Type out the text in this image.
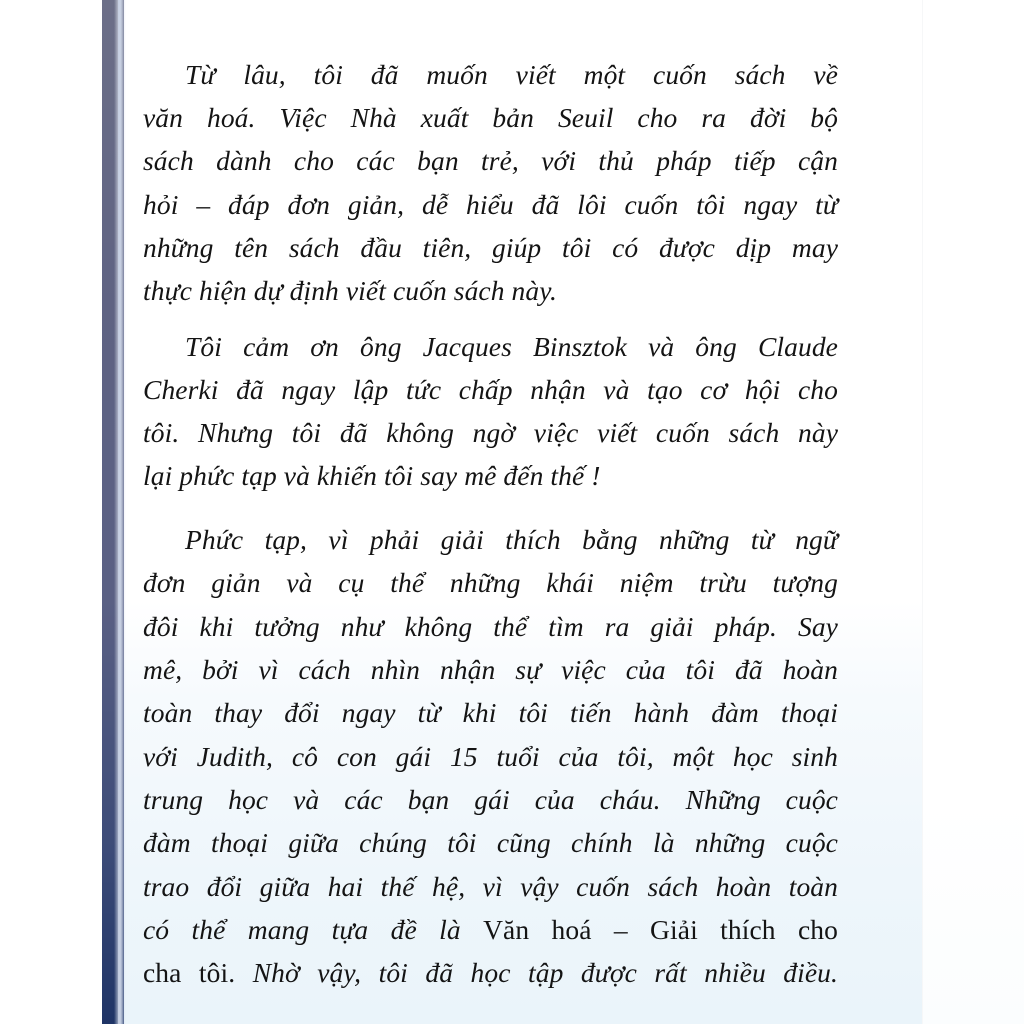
Từ lâu, tôi đã muốn viết một cuốn sách về
văn hoá. Việc Nhà xuất bản Seuil cho ra đời bộ
sách dành cho các bạn trẻ, với thủ pháp tiếp cận
hỏi – đáp đơn giản, dễ hiểu đã lôi cuốn tôi ngay từ
những tên sách đầu tiên, giúp tôi có được dịp may
thực hiện dự định viết cuốn sách này.
Tôi cảm ơn ông Jacques Binsztok và ông Claude
Cherki đã ngay lập tức chấp nhận và tạo cơ hội cho
tôi. Nhưng tôi đã không ngờ việc viết cuốn sách này
lại phức tạp và khiến tôi say mê đến thế !
Phức tạp, vì phải giải thích bằng những từ ngữ
đơn giản và cụ thể những khái niệm trừu tượng
đôi khi tưởng như không thể tìm ra giải pháp. Say
mê, bởi vì cách nhìn nhận sự việc của tôi đã hoàn
toàn thay đổi ngay từ khi tôi tiến hành đàm thoại
với Judith, cô con gái 15 tuổi của tôi, một học sinh
trung học và các bạn gái của cháu. Những cuộc
đàm thoại giữa chúng tôi cũng chính là những cuộc
trao đổi giữa hai thế hệ, vì vậy cuốn sách hoàn toàn
có thể mang tựa đề là Văn hoá – Giải thích cho
cha tôi. Nhờ vậy, tôi đã học tập được rất nhiều điều.
